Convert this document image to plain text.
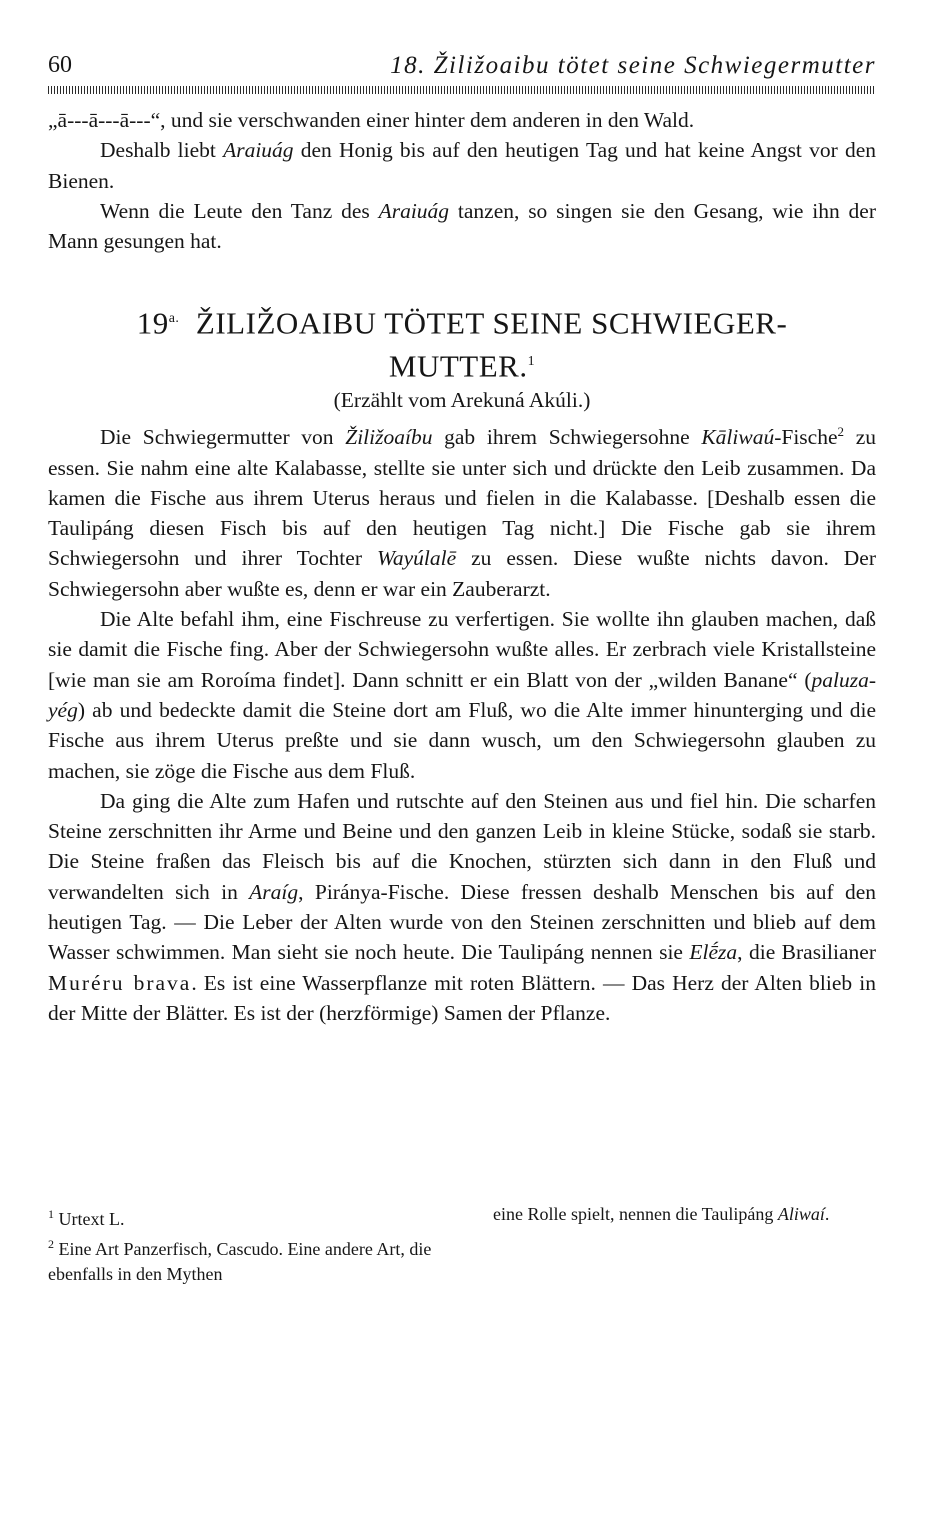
60	18. Žiližoaibu tötet seine Schwiegermutter

„ā---ā---ā---“, und sie verschwanden einer hinter dem anderen in den Wald.

Deshalb liebt Araiuág den Honig bis auf den heutigen Tag und hat keine Angst vor den Bienen.

Wenn die Leute den Tanz des Araiuág tanzen, so singen sie den Gesang, wie ihn der Mann gesungen hat.

$19^{a.}$ ŽILIŽOAIBU TÖTET SEINE SCHWIEGER-
MUTTER.$^1$
(Erzählt vom Arekuná Akúli.)

Die Schwiegermutter von Žiližoaíbu gab ihrem Schwiegersohne Kāliwaú-Fische$^2$ zu essen. Sie nahm eine alte Kalabasse, stellte sie unter sich und drückte den Leib zusammen. Da kamen die Fische aus ihrem Uterus heraus und fielen in die Kalabasse. [Deshalb essen die Taulipáng diesen Fisch bis auf den heutigen Tag nicht.] Die Fische gab sie ihrem Schwiegersohn und ihrer Tochter Wayúlalē zu essen. Diese wußte nichts davon. Der Schwiegersohn aber wußte es, denn er war ein Zauberarzt.

Die Alte befahl ihm, eine Fischreuse zu verfertigen. Sie wollte ihn glauben machen, daß sie damit die Fische fing. Aber der Schwiegersohn wußte alles. Er zerbrach viele Kristallsteine [wie man sie am Roroíma findet]. Dann schnitt er ein Blatt von der „wilden Banane“ (paluza-yég) ab und bedeckte damit die Steine dort am Fluß, wo die Alte immer hinunterging und die Fische aus ihrem Uterus preßte und sie dann wusch, um den Schwiegersohn glauben zu machen, sie zöge die Fische aus dem Fluß.

Da ging die Alte zum Hafen und rutschte auf den Steinen aus und fiel hin. Die scharfen Steine zerschnitten ihr Arme und Beine und den ganzen Leib in kleine Stücke, sodaß sie starb. Die Steine fraßen das Fleisch bis auf die Knochen, stürzten sich dann in den Fluß und verwandelten sich in Araíg, Piránya-Fische. Diese fressen deshalb Menschen bis auf den heutigen Tag. — Die Leber der Alten wurde von den Steinen zerschnitten und blieb auf dem Wasser schwimmen. Man sieht sie noch heute. Die Taulipáng nennen sie Elḗza, die Brasilianer Muréru brava. Es ist eine Wasserpflanze mit roten Blättern. — Das Herz der Alten blieb in der Mitte der Blätter. Es ist der (herzförmige) Samen der Pflanze.

$^1$ Urtext L.

$^2$ Eine Art Panzerfisch, Cascudo. Eine andere Art, die ebenfalls in den Mythen

eine Rolle spielt, nennen die Taulipáng Aliwaí.
